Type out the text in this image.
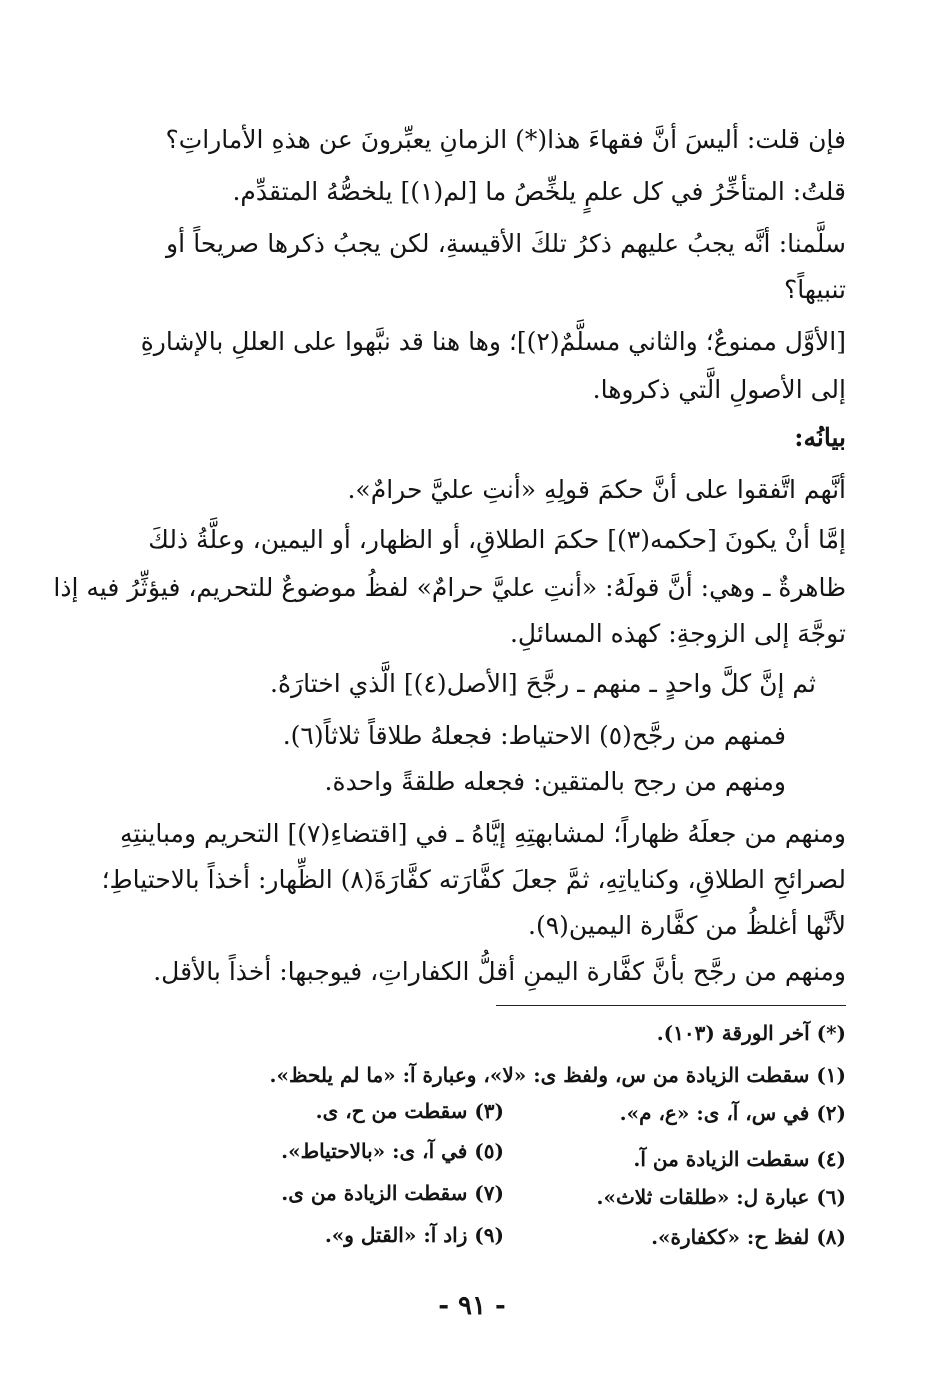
فإن قلت: أليسَ أنَّ فقهاءَ هذا(*) الزمانِ يعبِّرونَ عن هذهِ الأماراتِ؟
قلتُ: المتأخِّرُ في كل علمٍ يلخِّصُ ما [لم(١)] يلخصُّهُ المتقدِّم.
سلَّمنا: أنَّه يجبُ عليهم ذكرُ تلكَ الأقيسةِ، لكن يجبُ ذكرها صريحاً أو
تنبيهاً؟
[الأوَّل ممنوعٌ؛ والثاني مسلَّمٌ(٢)]؛ وها هنا قد نبَّهوا على العللِ بالإشارةِ
إلى الأصولِ الَّتي ذكروها.
بيانُه:
أنَّهم اتَّفقوا على أنَّ حكمَ قولِهِ «أنتِ عليَّ حرامٌ».
إمَّا أنْ يكونَ [حكمه(٣)] حكمَ الطلاقِ، أو الظهار، أو اليمين، وعلَّةُ ذلكَ
ظاهرةٌ ـ وهي: أنَّ قولَهُ: «أنتِ عليَّ حرامٌ» لفظُ موضوعٌ للتحريم، فيؤثِّرُ فيه إذا
توجَّهَ إلى الزوجةِ: كهذه المسائلِ.
ثم إنَّ كلَّ واحدٍ ـ منهم ـ رجَّحَ [الأصل(٤)] الَّذي اختارَهُ.
فمنهم من رجَّح(٥) الاحتياط: فجعلهُ طلاقاً ثلاثاً(٦).
ومنهم من رجح بالمتقين: فجعله طلقةً واحدة.
ومنهم من جعلَهُ ظهاراً؛ لمشابهتِهِ إيَّاهُ ـ في [اقتضاءِ(٧)] التحريم ومباينتِهِ
لصرائحِ الطلاقِ، وكناياتِهِ، ثمَّ جعلَ كفَّارَته كفَّارَةَ(٨) الظِّهار: أخذاً بالاحتياطِ؛
لأنَّها أغلظُ من كفَّارة اليمين(٩).
ومنهم من رجَّح بأنَّ كفَّارة اليمنِ أقلُّ الكفاراتِ، فيوجبها: أخذاً بالأقل.
(*) آخر الورقة (١٠٣).
(١) سقطت الزيادة من س، ولفظ ى: «لا»، وعبارة آ: «ما لم يلحظ».
(٢) في س، آ، ى: «ع، م».
(٣) سقطت من ح، ى.
(٤) سقطت الزيادة من آ.
(٥) في آ، ى: «بالاحتياط».
(٦) عبارة ل: «طلقات ثلاث».
(٧) سقطت الزيادة من ى.
(٨) لفظ ح: «ككفارة».
(٩) زاد آ: «القتل و».
- ٩١ -
